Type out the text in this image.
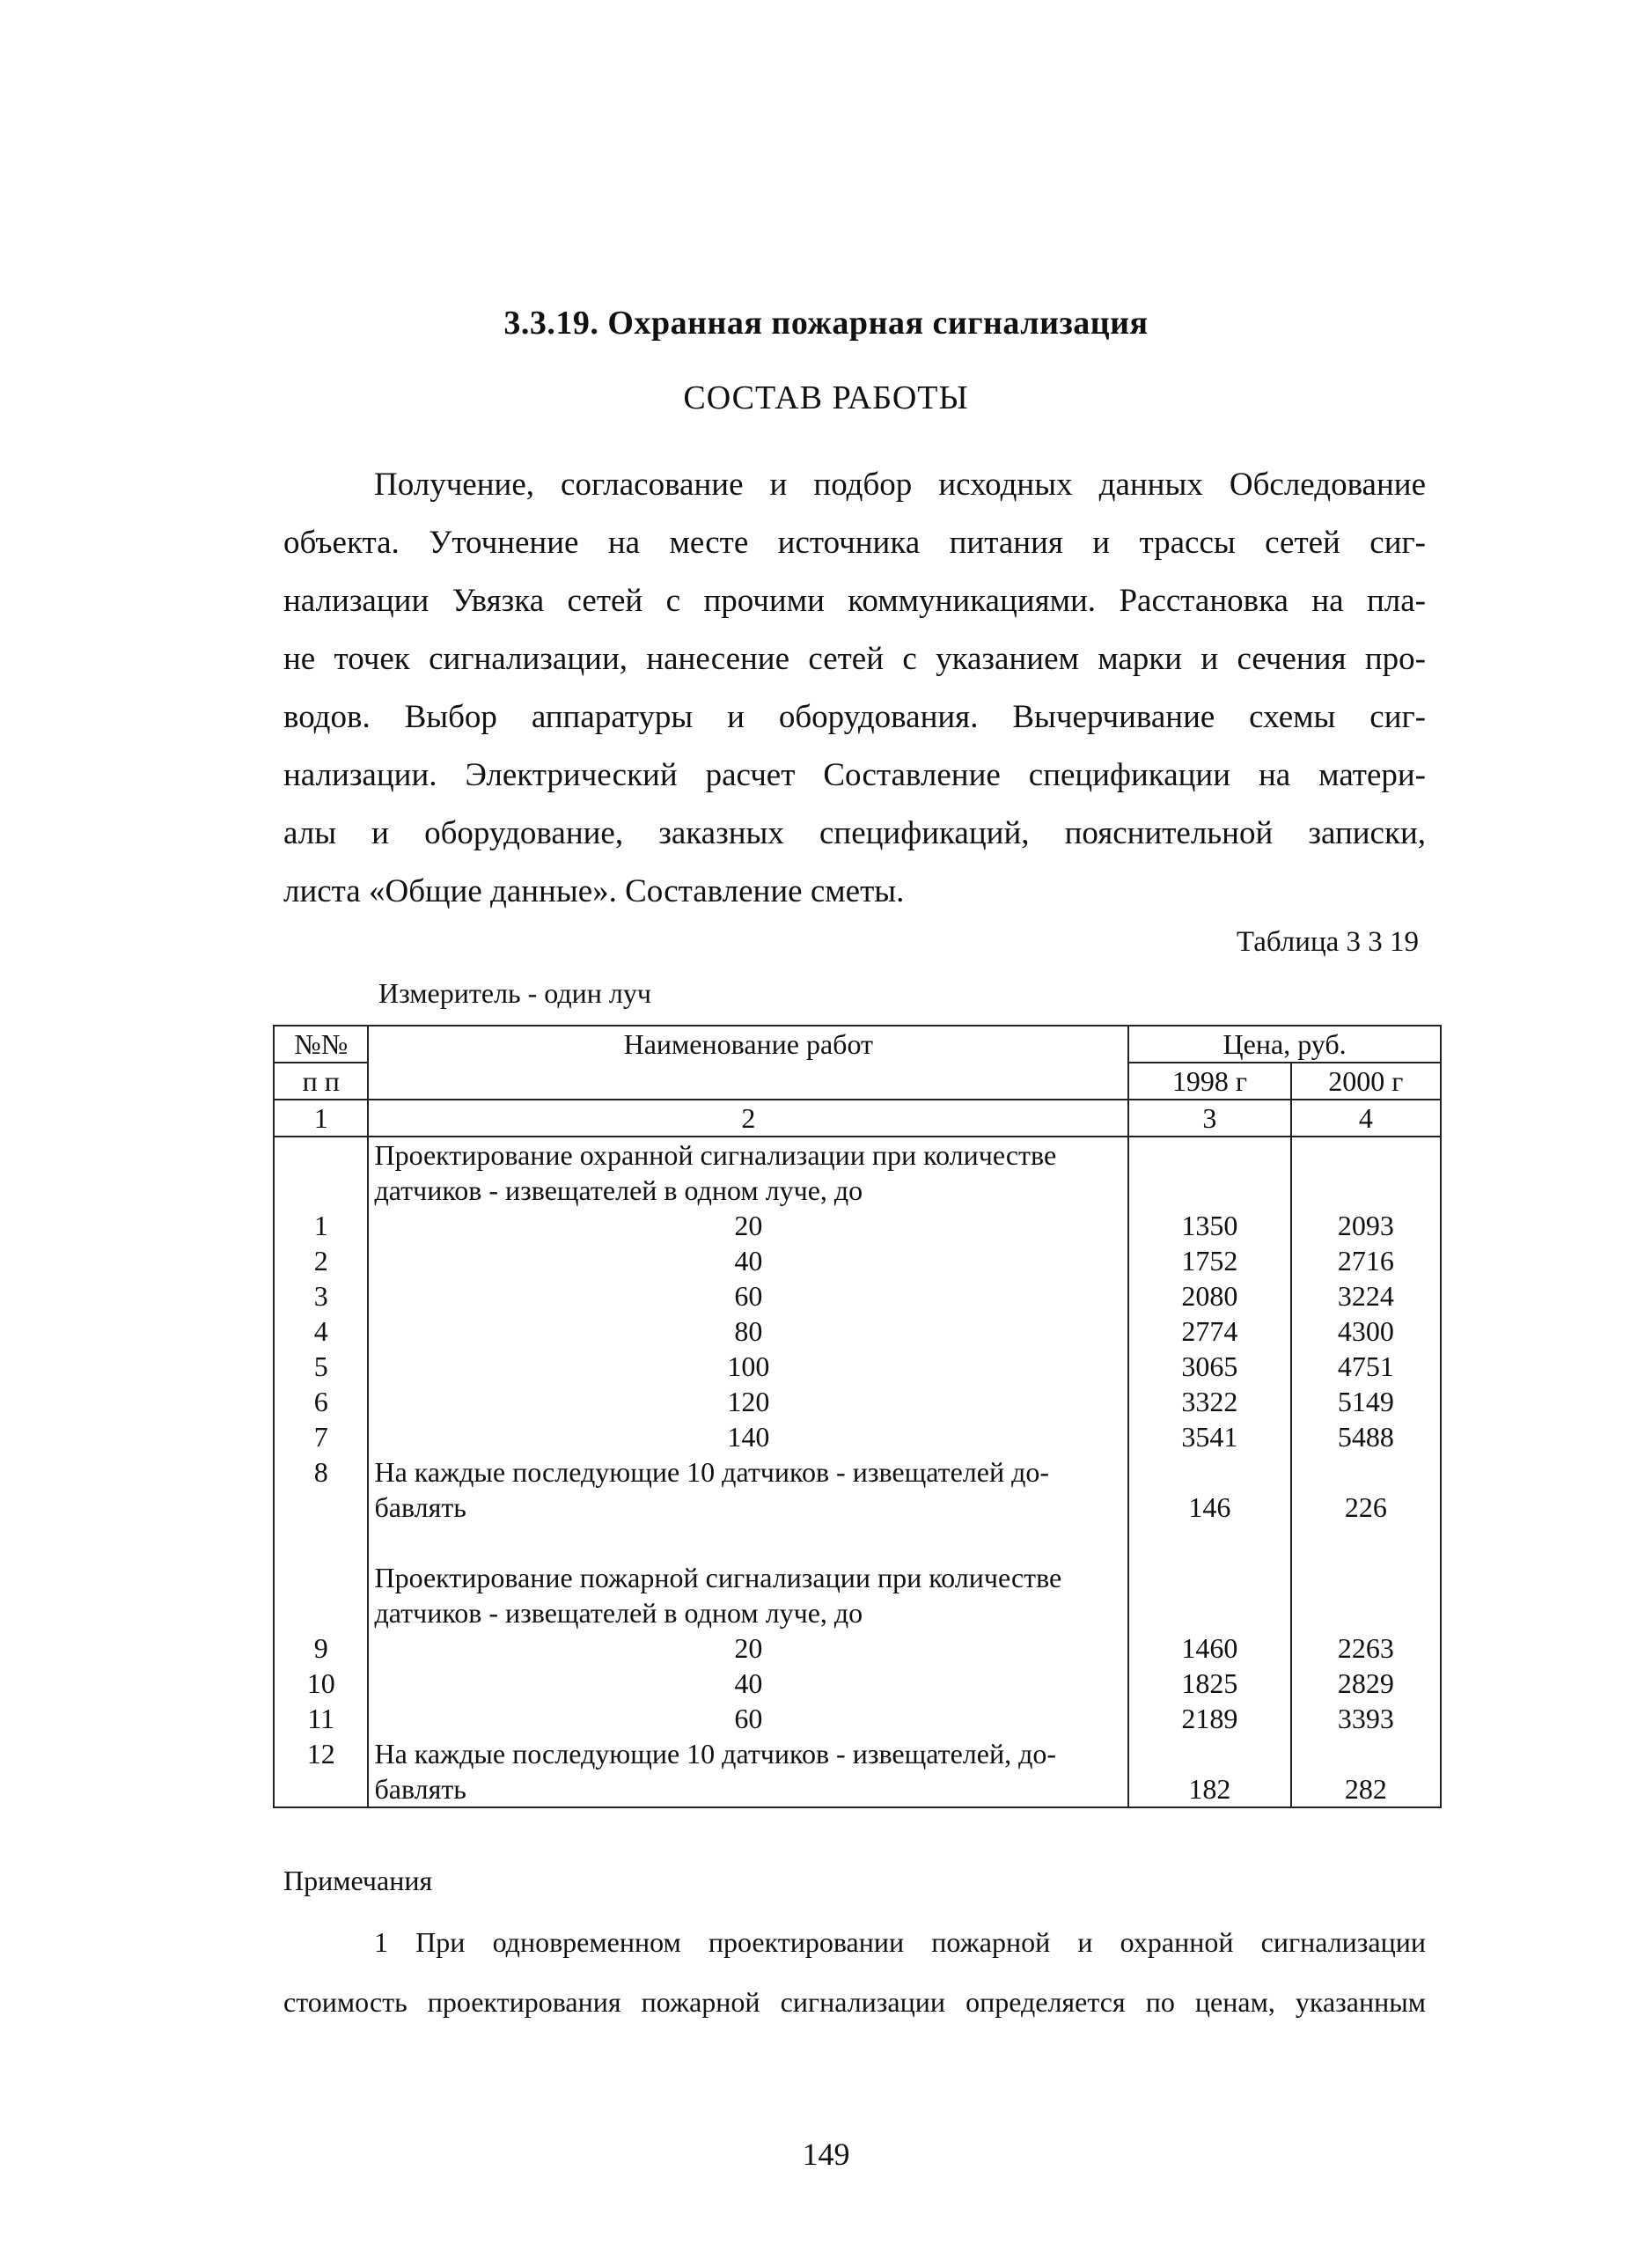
3.3.19. Охранная пожарная сигнализация
СОСТАВ РАБОТЫ
Получение, согласование и подбор исходных данных Обследование
объекта. Уточнение на месте источника питания и трассы сетей сиг-
нализации Увязка сетей с прочими коммуникациями. Расстановка на пла-
не точек сигнализации, нанесение сетей с указанием марки и сечения про-
водов. Выбор аппаратуры и оборудования. Вычерчивание схемы сиг-
нализации. Электрический расчет Составление спецификации на матери-
алы и оборудование, заказных спецификаций, пояснительной записки,
листа «Общие данные». Составление сметы.
Таблица 3 3 19
Измеритель - один луч
№№	Наименование работ	Цена, руб.	
п п		1998 г	2000 г
1	2	3	4
	Проектирование охранной сигнализации при количестве		
	датчиков - извещателей в одном луче, до		
1	20	1350	2093
2	40	1752	2716
3	60	2080	3224
4	80	2774	4300
5	100	3065	4751
6	120	3322	5149
7	140	3541	5488
8	На каждые последующие 10 датчиков - извещателей до-		
	бавлять	146	226

	Проектирование пожарной сигнализации при количестве		
	датчиков - извещателей в одном луче, до		
9	20	1460	2263
10	40	1825	2829
11	60	2189	3393
12	На каждые последующие 10 датчиков - извещателей, до-		
	бавлять	182	282
Примечания
1 При одновременном проектировании пожарной и охранной сигнализации
стоимость проектирования пожарной сигнализации определяется по ценам, указанным
149
